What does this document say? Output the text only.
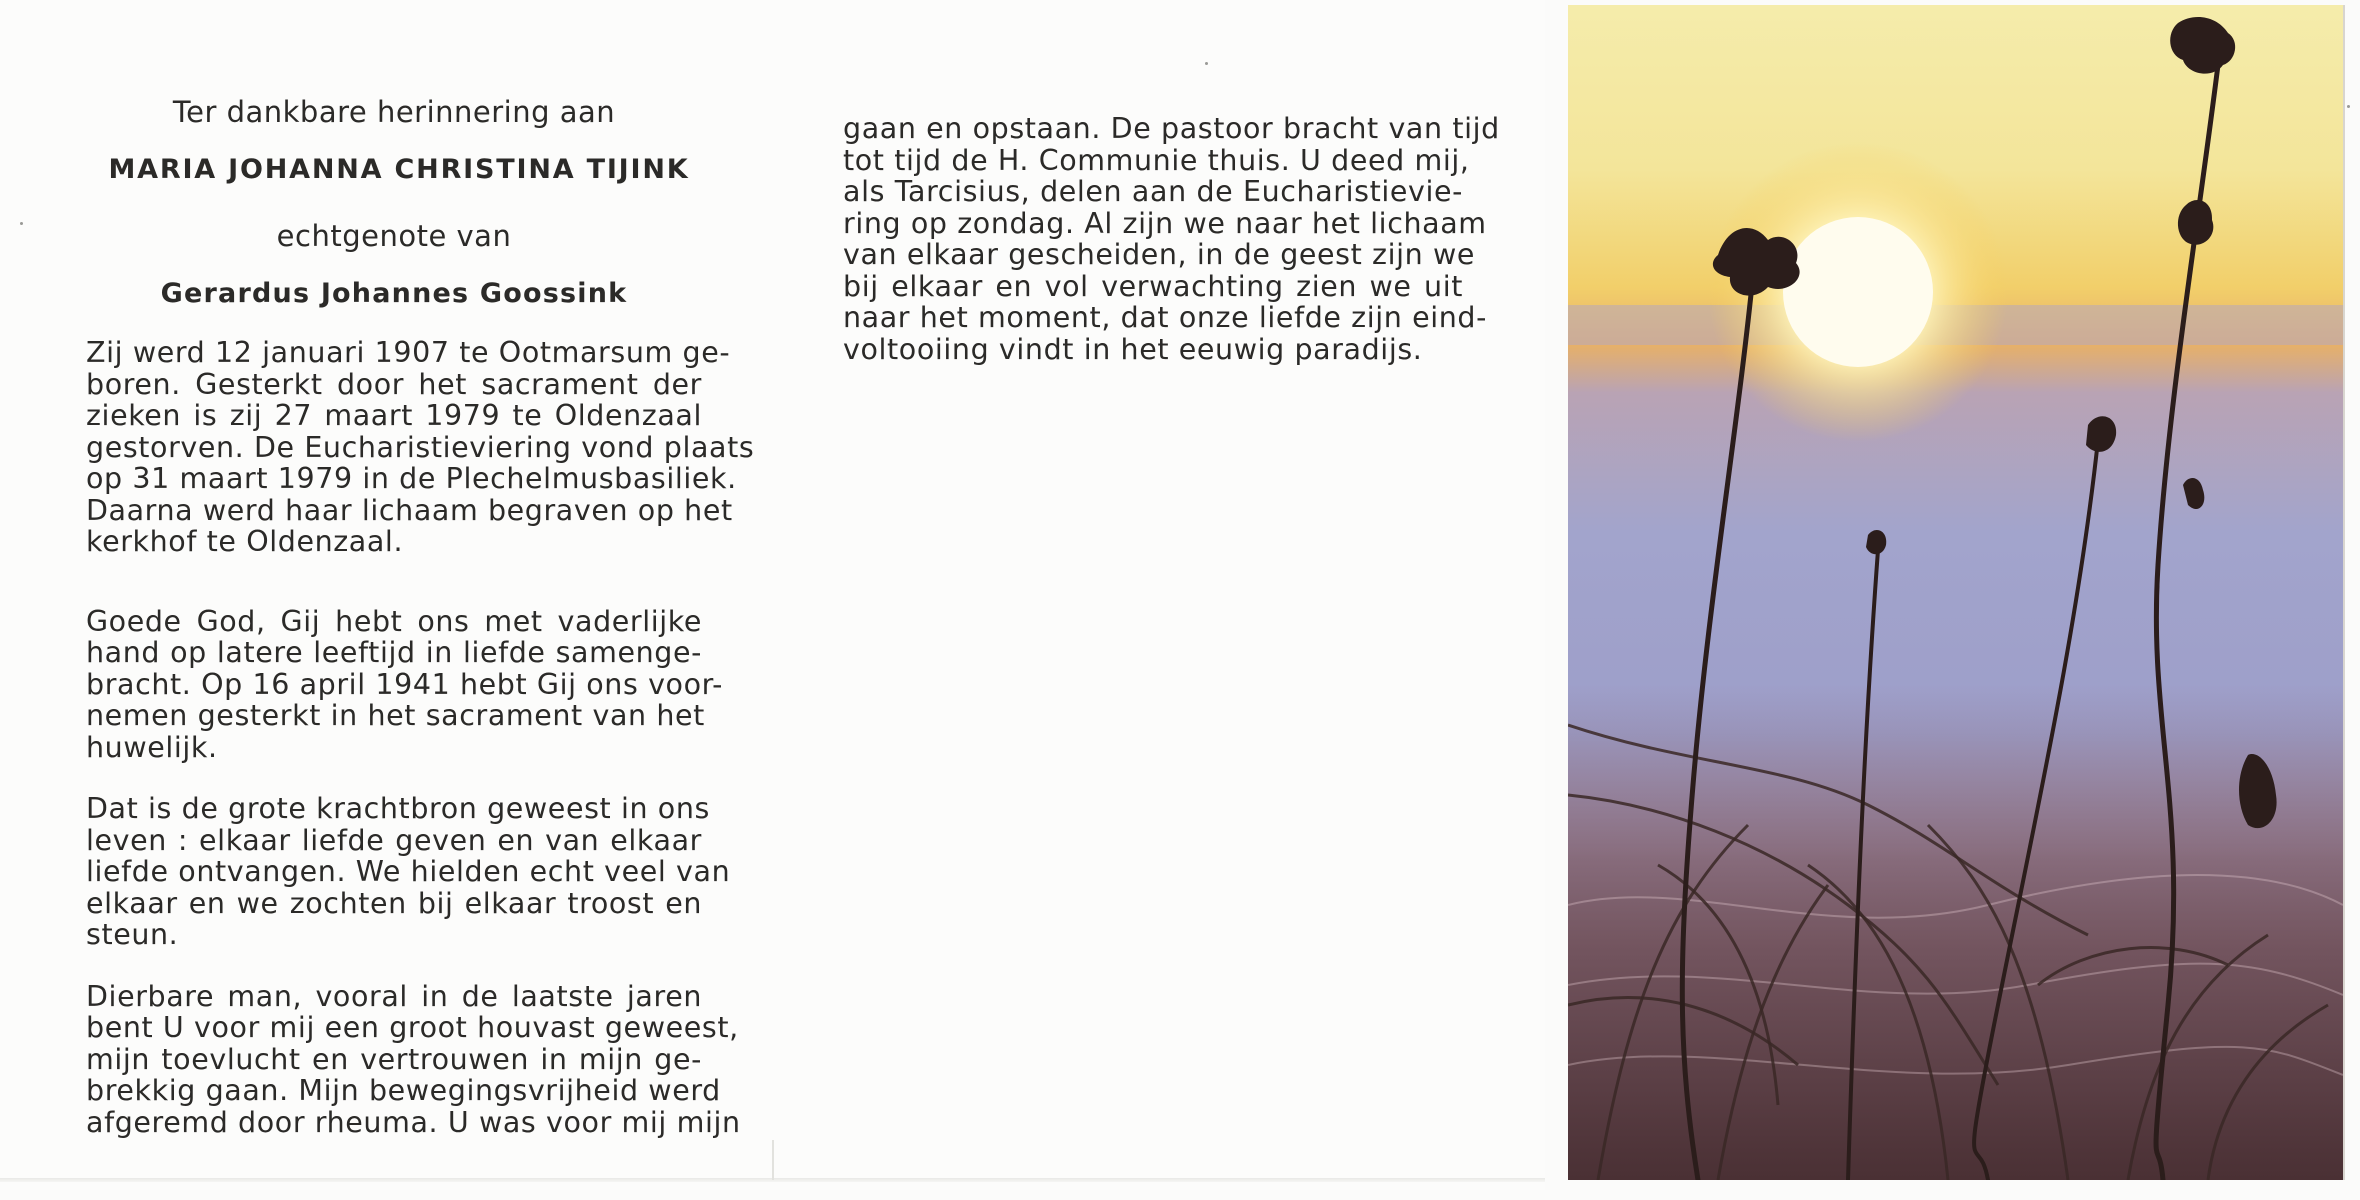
Ter dankbare herinnering aan

MARIA JOHANNA CHRISTINA TIJINK

echtgenote van

Gerardus Johannes Goossink

Zij werd 12 januari 1907 te Ootmarsum ge-
boren. Gesterkt door het sacrament der
zieken is zij 27 maart 1979 te Oldenzaal
gestorven. De Eucharistieviering vond plaats
op 31 maart 1979 in de Plechelmusbasiliek.
Daarna werd haar lichaam begraven op het
kerkhof te Oldenzaal.

Goede God, Gij hebt ons met vaderlijke
hand op latere leeftijd in liefde samenge-
bracht. Op 16 april 1941 hebt Gij ons voor-
nemen gesterkt in het sacrament van het
huwelijk.

Dat is de grote krachtbron geweest in ons
leven : elkaar liefde geven en van elkaar
liefde ontvangen. We hielden echt veel van
elkaar en we zochten bij elkaar troost en
steun.

Dierbare man, vooral in de laatste jaren
bent U voor mij een groot houvast geweest,
mijn toevlucht en vertrouwen in mijn ge-
brekkig gaan. Mijn bewegingsvrijheid werd
afgeremd door rheuma. U was voor mij mijn

gaan en opstaan. De pastoor bracht van tijd
tot tijd de H. Communie thuis. U deed mij,
als Tarcisius, delen aan de Eucharistievie-
ring op zondag. Al zijn we naar het lichaam
van elkaar gescheiden, in de geest zijn we
bij elkaar en vol verwachting zien we uit
naar het moment, dat onze liefde zijn eind-
voltooiing vindt in het eeuwig paradijs.
